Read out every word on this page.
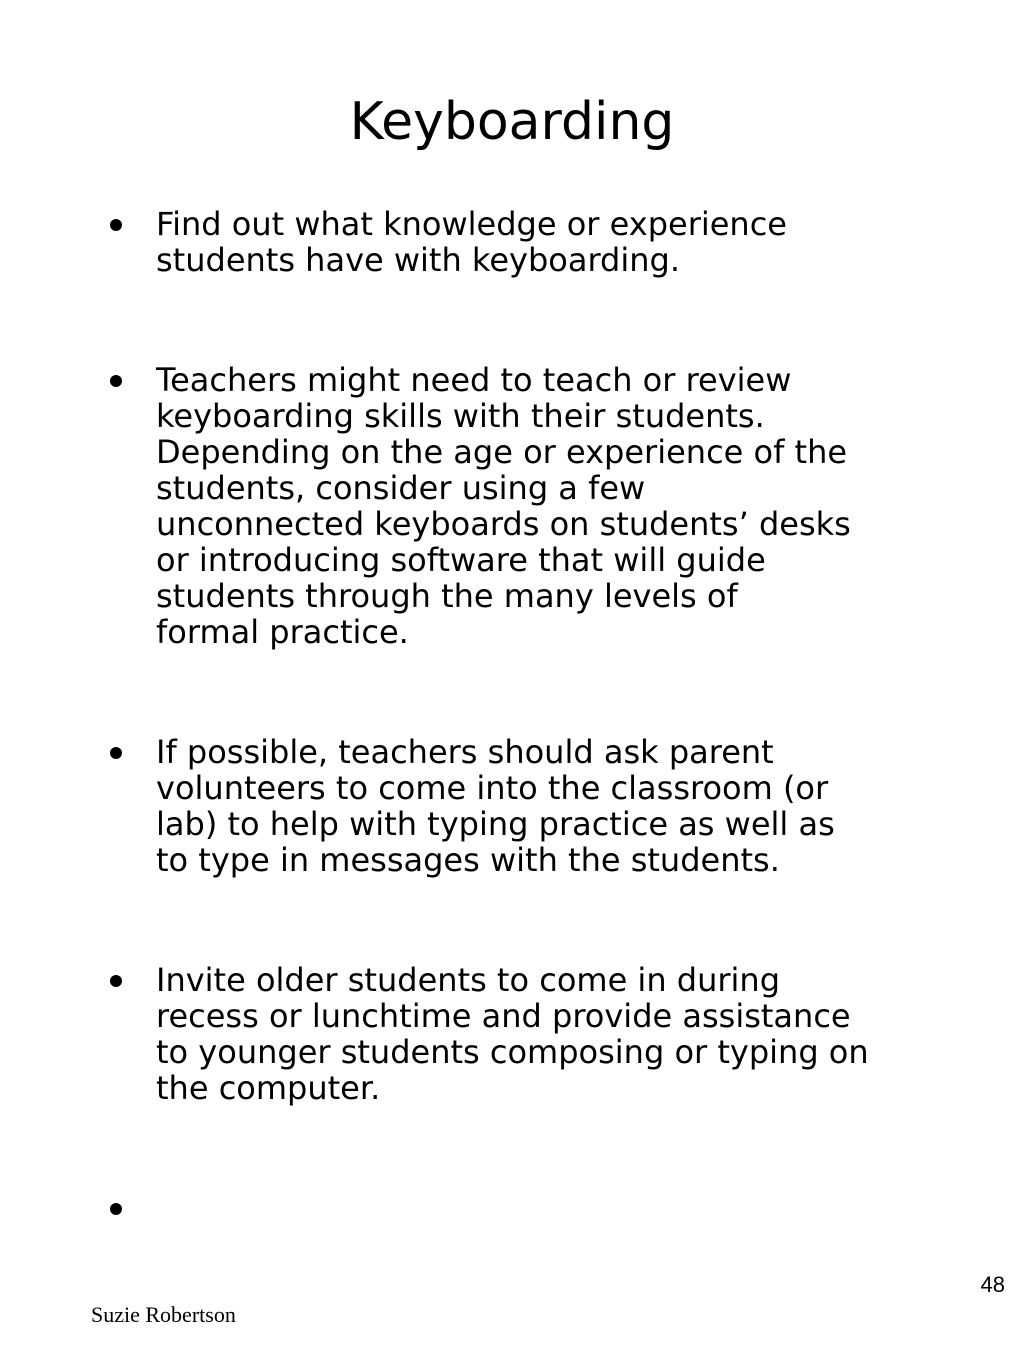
Keyboarding
Find out what knowledge or experience
students have with keyboarding.
Teachers might need to teach or review
keyboarding skills with their students.
Depending on the age or experience of the
students, consider using a few
unconnected keyboards on students’ desks
or introducing software that will guide
students through the many levels of
formal practice.
If possible, teachers should ask parent
volunteers to come into the classroom (or
lab) to help with typing practice as well as
to type in messages with the students.
Invite older students to come in during
recess or lunchtime and provide assistance
to younger students composing or typing on
the computer.
48
Suzie Robertson
